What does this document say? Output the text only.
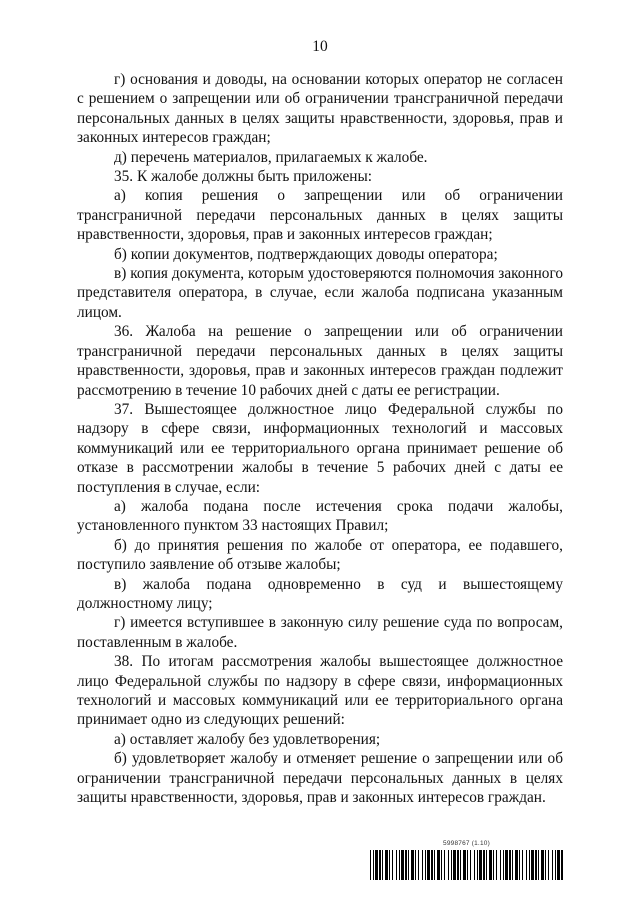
10

г) основания и доводы, на основании которых оператор не согласен с решением о запрещении или об ограничении трансграничной передачи персональных данных в целях защиты нравственности, здоровья, прав и законных интересов граждан;

д) перечень материалов, прилагаемых к жалобе.

35. К жалобе должны быть приложены:

а) копия решения о запрещении или об ограничении трансграничной передачи персональных данных в целях защиты нравственности, здоровья, прав и законных интересов граждан;

б) копии документов, подтверждающих доводы оператора;

в) копия документа, которым удостоверяются полномочия законного представителя оператора, в случае, если жалоба подписана указанным лицом.

36. Жалоба на решение о запрещении или об ограничении трансграничной передачи персональных данных в целях защиты нравственности, здоровья, прав и законных интересов граждан подлежит рассмотрению в течение 10 рабочих дней с даты ее регистрации.

37. Вышестоящее должностное лицо Федеральной службы по надзору в сфере связи, информационных технологий и массовых коммуникаций или ее территориального органа принимает решение об отказе в рассмотрении жалобы в течение 5 рабочих дней с даты ее поступления в случае, если:

а) жалоба подана после истечения срока подачи жалобы, установленного пунктом 33 настоящих Правил;

б) до принятия решения по жалобе от оператора, ее подавшего, поступило заявление об отзыве жалобы;

в) жалоба подана одновременно в суд и вышестоящему должностному лицу;

г) имеется вступившее в законную силу решение суда по вопросам, поставленным в жалобе.

38. По итогам рассмотрения жалобы вышестоящее должностное лицо Федеральной службы по надзору в сфере связи, информационных технологий и массовых коммуникаций или ее территориального органа принимает одно из следующих решений:

а) оставляет жалобу без удовлетворения;

б) удовлетворяет жалобу и отменяет решение о запрещении или об ограничении трансграничной передачи персональных данных в целях защиты нравственности, здоровья, прав и законных интересов граждан.

5998767 (1.10)
